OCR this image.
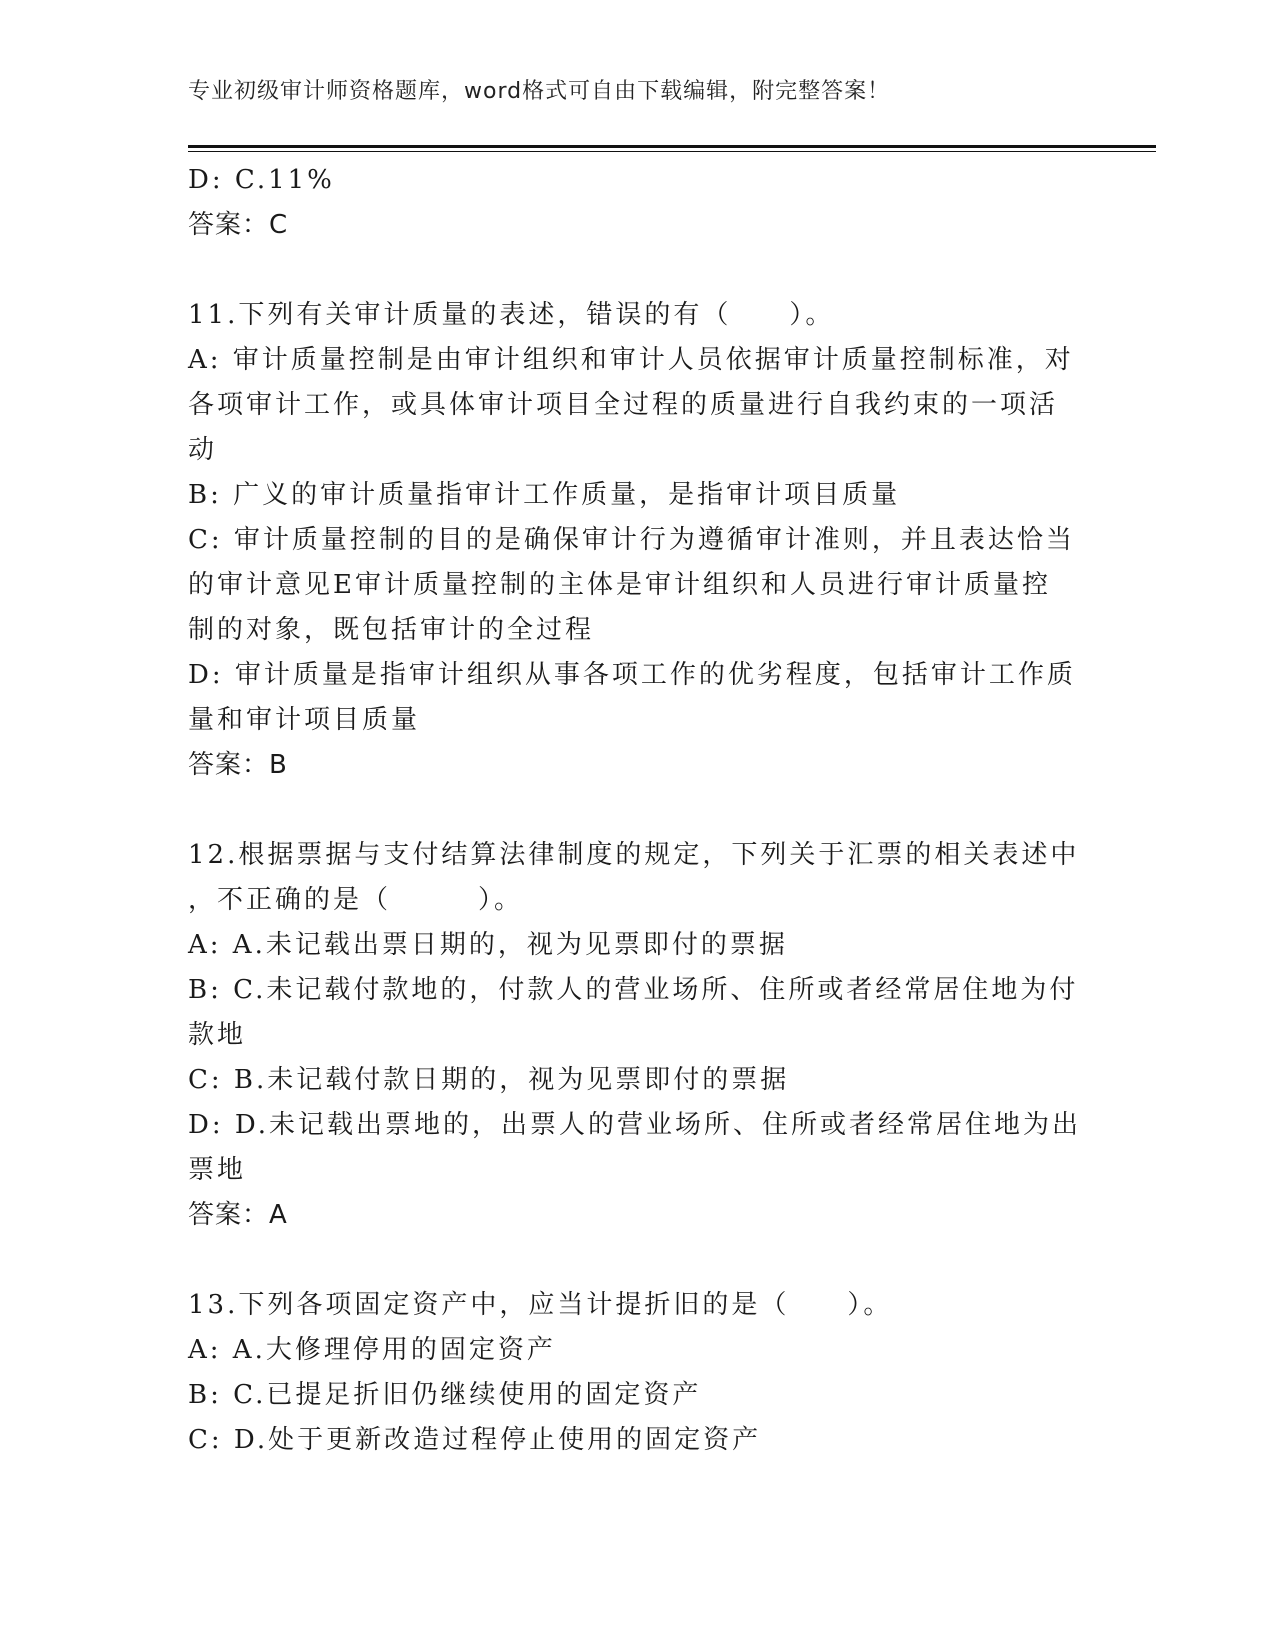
专业初级审计师资格题库，word格式可自由下载编辑，附完整答案！
D: C.11%
答案：C
11.下列有关审计质量的表述，错误的有（　　）。
A: 审计质量控制是由审计组织和审计人员依据审计质量控制标准，对
各项审计工作，或具体审计项目全过程的质量进行自我约束的一项活
动
B: 广义的审计质量指审计工作质量，是指审计项目质量
C: 审计质量控制的目的是确保审计行为遵循审计准则，并且表达恰当
的审计意见E审计质量控制的主体是审计组织和人员进行审计质量控
制的对象，既包括审计的全过程
D: 审计质量是指审计组织从事各项工作的优劣程度，包括审计工作质
量和审计项目质量
答案：B
12.根据票据与支付结算法律制度的规定，下列关于汇票的相关表述中
，不正确的是（　　　）。
A: A.未记载出票日期的，视为见票即付的票据
B: C.未记载付款地的，付款人的营业场所、住所或者经常居住地为付
款地
C: B.未记载付款日期的，视为见票即付的票据
D: D.未记载出票地的，出票人的营业场所、住所或者经常居住地为出
票地
答案：A
13.下列各项固定资产中，应当计提折旧的是（　　）。
A: A.大修理停用的固定资产
B: C.已提足折旧仍继续使用的固定资产
C: D.处于更新改造过程停止使用的固定资产
